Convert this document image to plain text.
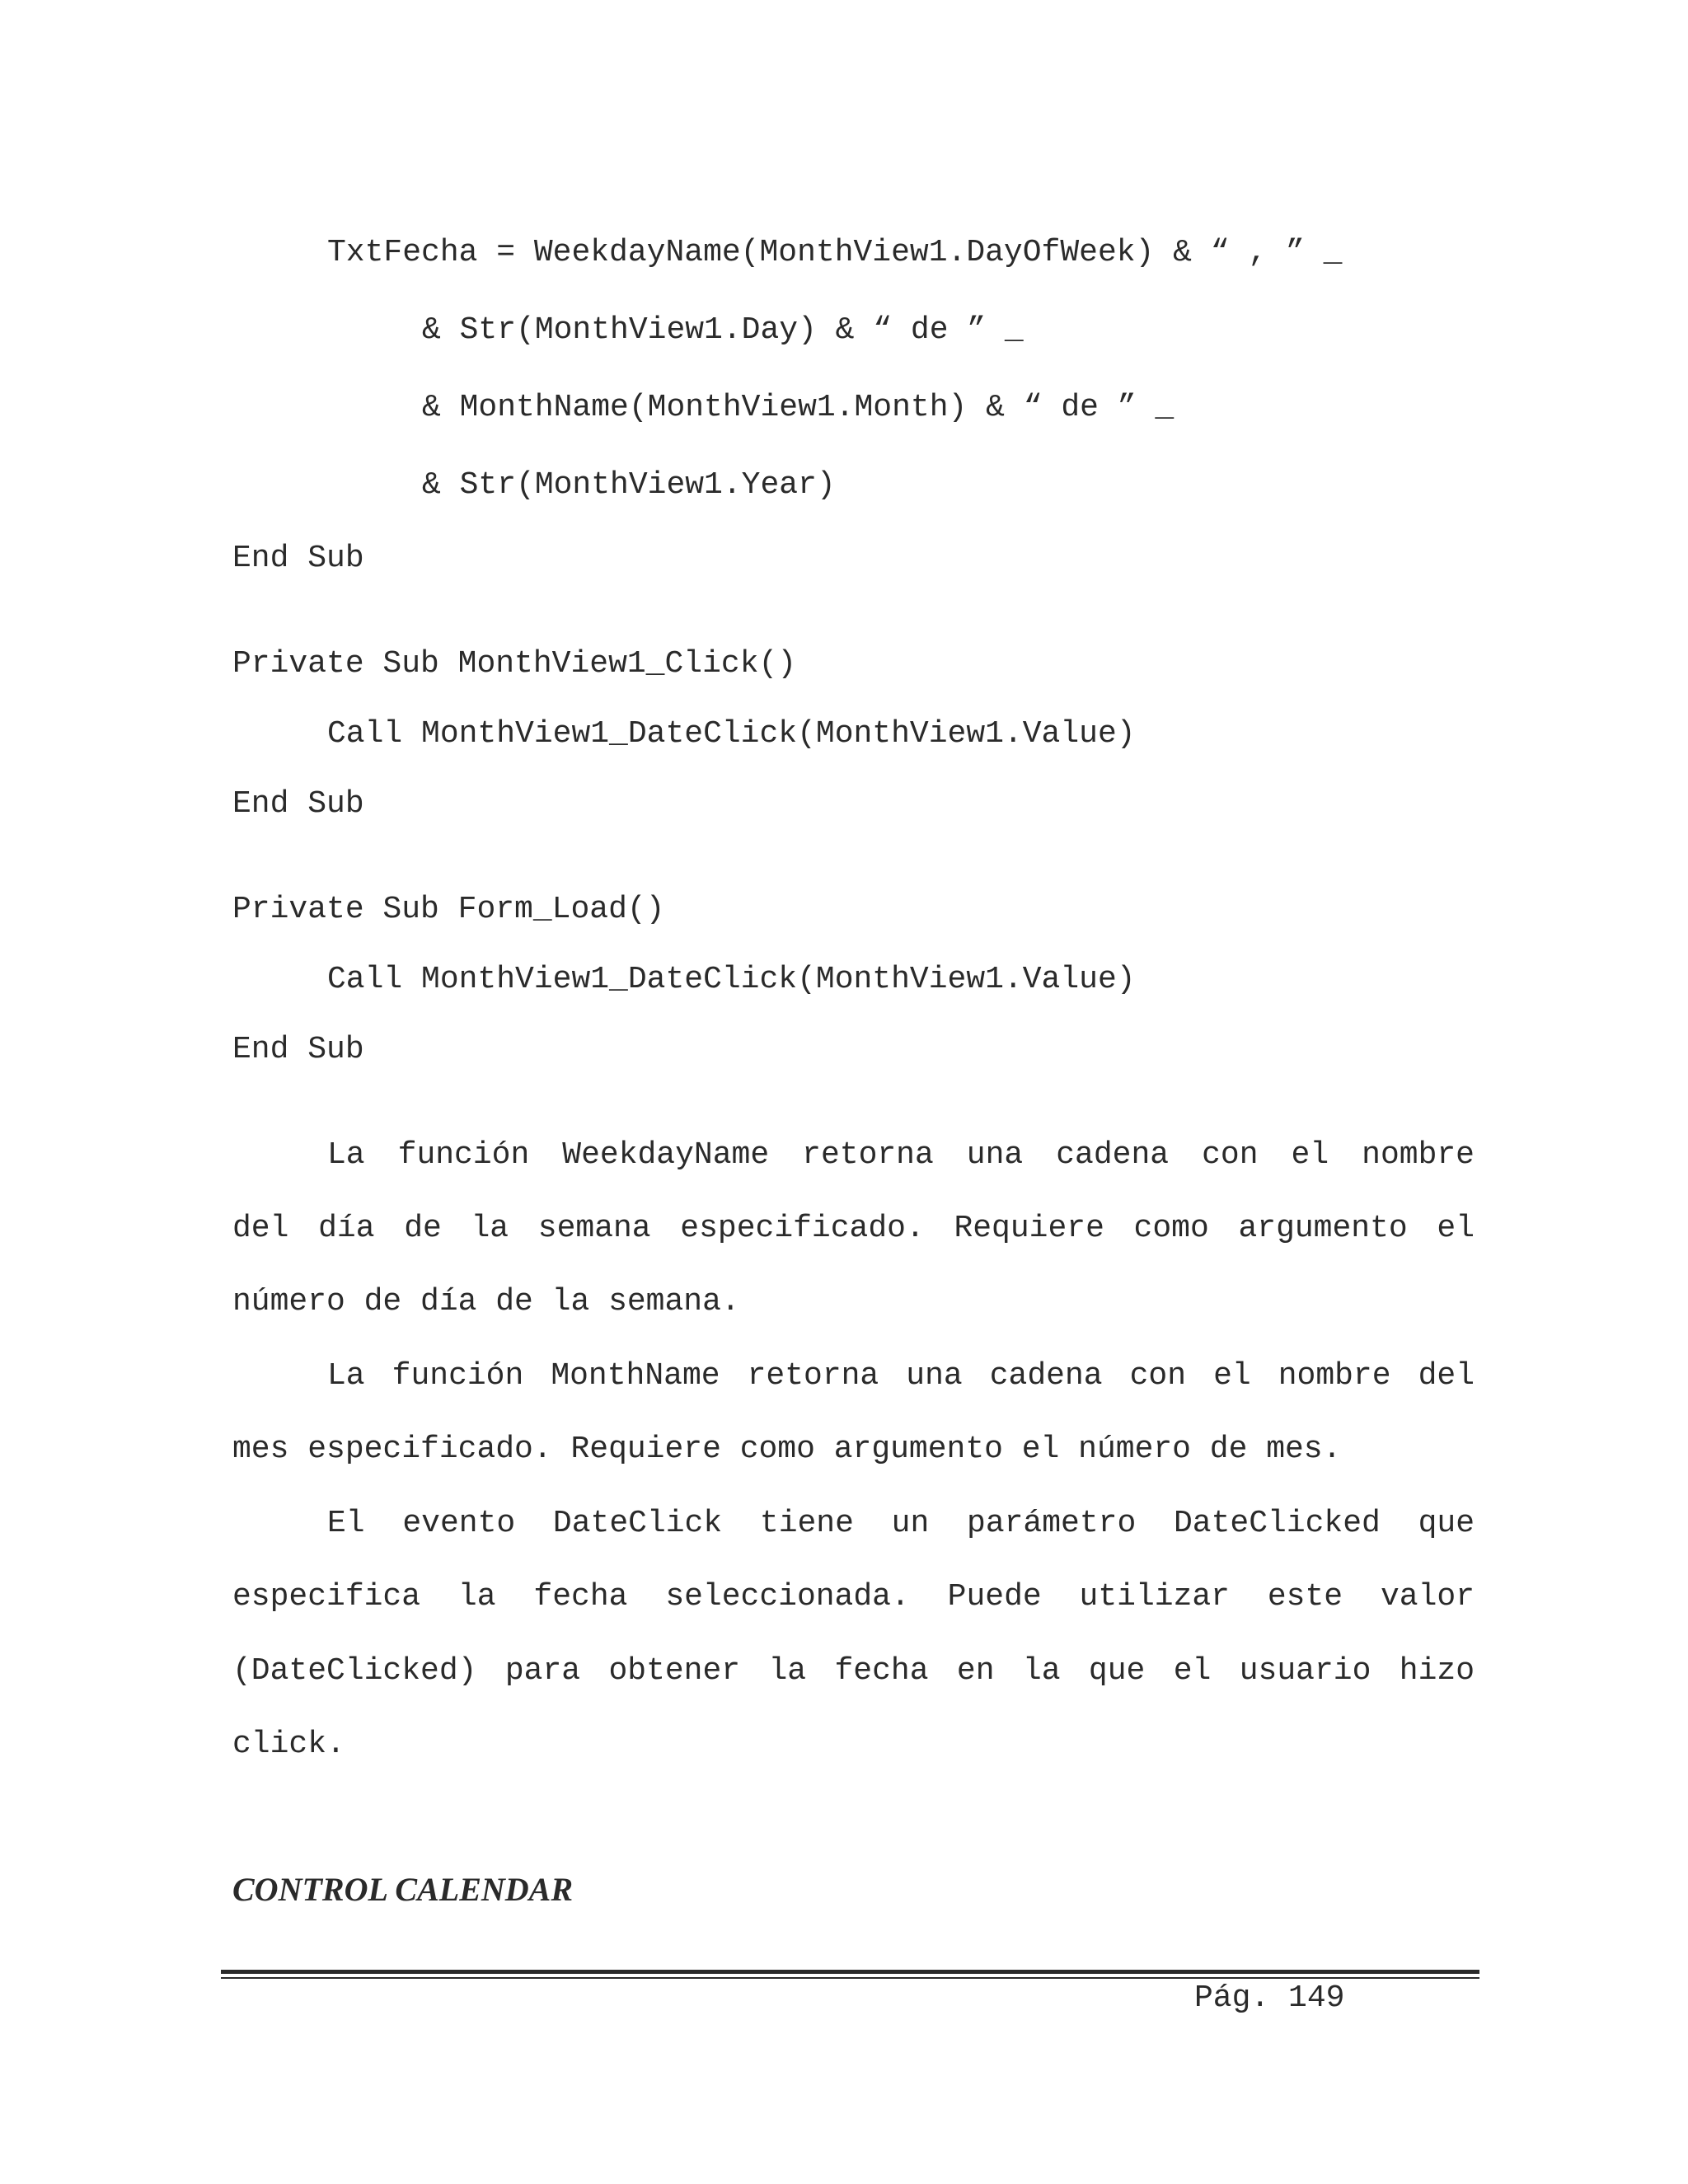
TxtFecha = WeekdayName(MonthView1.DayOfWeek) & “ , ” _
& Str(MonthView1.Day) & “ de ” _
& MonthName(MonthView1.Month) & “ de ” _
& Str(MonthView1.Year)
End Sub
Private Sub MonthView1_Click()
Call MonthView1_DateClick(MonthView1.Value)
End Sub
Private Sub Form_Load()
Call MonthView1_DateClick(MonthView1.Value)
End Sub
La función WeekdayName retorna una cadena con el nombre
del día de la semana especificado. Requiere como argumento el
número de día de la semana.
La función MonthName retorna una cadena con el nombre del
mes especificado. Requiere como argumento el número de mes.
El evento DateClick tiene un parámetro DateClicked que
especifica la fecha seleccionada. Puede utilizar este valor
(DateClicked) para obtener la fecha en la que el usuario hizo
click.
CONTROL CALENDAR
Pág. 149
